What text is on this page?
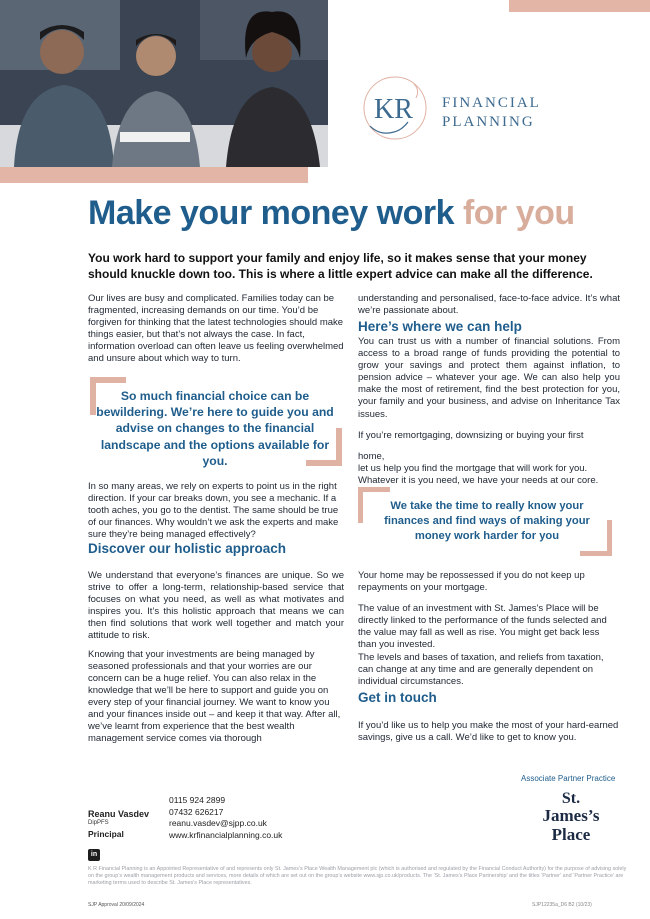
KR FINANCIAL
PLANNING
Make your money work for you
You work hard to support your family and enjoy life, so it makes sense that your money should knuckle down too. This is where a little expert advice can make all the difference.

Our lives are busy and complicated. Families today can be fragmented, increasing demands on our time. You’d be forgiven for thinking that the latest technologies should make things easier, but that’s not always the case. In fact, information overload can often leave us feeling overwhelmed and unsure about which way to turn.

So much financial choice can be bewildering. We’re here to guide you and advise on changes to the financial landscape and the options available for you.

In so many areas, we rely on experts to point us in the right direction. If your car breaks down, you see a mechanic. If a tooth aches, you go to the dentist. The same should be true of our finances. Why wouldn’t we ask the experts and make sure they’re being managed effectively?

Discover our holistic approach

We understand that everyone’s finances are unique. So we strive to offer a long-term, relationship-based service that focuses on what you need, as well as what motivates and inspires you. It’s this holistic approach that means we can then find solutions that work well together and match your attitude to risk.

Knowing that your investments are being managed by seasoned professionals and that your worries are our concern can be a huge relief. You can also relax in the knowledge that we’ll be here to support and guide you on every step of your financial journey. We want to know you and your finances inside out – and keep it that way. After all, we’ve learnt from experience that the best wealth management service comes via thorough

understanding and personalised, face-to-face advice. It’s what we’re passionate about.

Here’s where we can help

You can trust us with a number of financial solutions. From access to a broad range of funds providing the potential to grow your savings and protect them against inflation, to pension advice – whatever your age. We can also help you make the most of retirement, find the best protection for you, your family and your business, and advise on Inheritance Tax issues.

If you’re remortgaging, downsizing or buying your first

home,

let us help you find the mortgage that will work for you. Whatever it is you need, we have your needs at our core.

We take the time to really know your finances and find ways of making your money work harder for you

Your home may be repossessed if you do not keep up repayments on your mortgage.

The value of an investment with St. James’s Place will be directly linked to the performance of the funds selected and the value may fall as well as rise. You might get back less than you invested.

The levels and bases of taxation, and reliefs from taxation, can change at any time and are generally dependent on individual circumstances.

Get in touch

If you’d like us to help you make the most of your hard-earned savings, give us a call. We’d like to get to know you.

Reanu Vasdev
DipPFS
Principal
0115 924 2899
07432 626217
reanu.vasdev@sjpp.co.uk
www.krfinancialplanning.co.uk
in
Associate Partner Practice
St.
James’s
Place
K R Financial Planning is an Appointed Representative of and represents only St. James’s Place Wealth Management plc (which is authorised and regulated by the Financial Conduct Authority) for the purpose of advising solely on the group’s wealth management products and services, more details of which are set out on the group’s website www.sjp.co.uk/products. The ‘St. James’s Place Partnership’ and the titles ‘Partner’ and ‘Partner Practice’ are marketing terms used to describe St. James’s Place representatives.
SJP Approval 20/09/2024	SJP12235a_D6 B2 (10/23)
